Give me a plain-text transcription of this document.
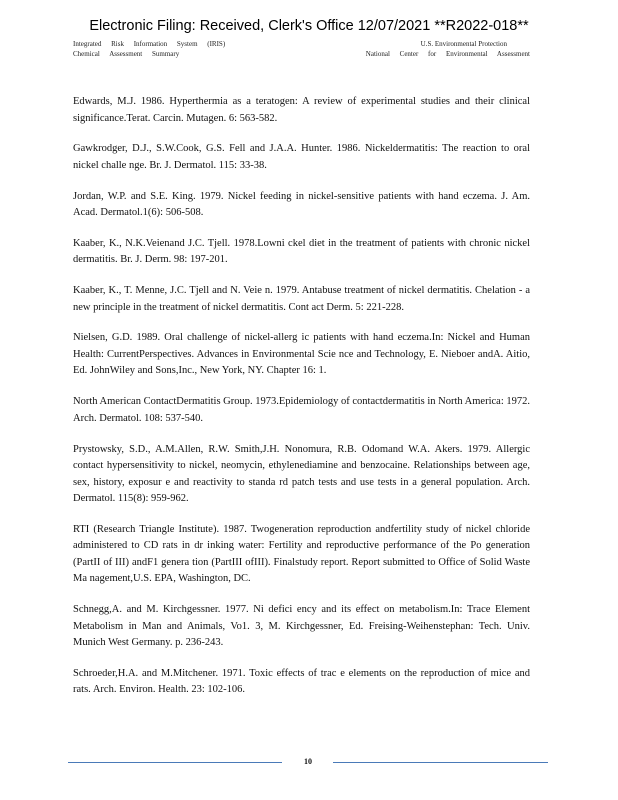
Electronic Filing: Received, Clerk's Office 12/07/2021 **R2022-018**
Integrated Risk Information System (IRIS)
Chemical Assessment Summary
U.S. Environmental Protection
National Center for Environmental Assessment
Edwards, M.J. 1986. Hyperthermia as a teratogen: A review of experimental studies and their clinical significance.Terat. Carcin. Mutagen. 6: 563-582.
Gawkrodger, D.J., S.W.Cook, G.S. Fell and J.A.A. Hunter. 1986. Nickeldermatitis: The reaction to oral nickel challe nge. Br. J. Dermatol. 115: 33-38.
Jordan, W.P. and S.E. King. 1979. Nickel feeding in nickel-sensitive patients with hand eczema. J. Am. Acad. Dermatol.1(6): 506-508.
Kaaber, K., N.K.Veienand J.C. Tjell. 1978.Lowni ckel diet in the treatment of patients with chronic nickel dermatitis. Br. J. Derm. 98: 197-201.
Kaaber, K., T. Menne, J.C. Tjell and N. Veie n. 1979. Antabuse treatment of nickel dermatitis. Chelation - a new principle in the treatment of nickel dermatitis. Cont act Derm. 5: 221-228.
Nielsen, G.D. 1989. Oral challenge of nickel-allerg ic patients with hand eczema.In: Nickel and Human Health: CurrentPerspectives. Advances in Environmental Scie nce and Technology, E. Nieboer andA. Aitio, Ed. JohnWiley and Sons,Inc., New York, NY. Chapter 16: 1.
North American ContactDermatitis Group. 1973.Epidemiology of contactdermatitis in North America: 1972. Arch. Dermatol. 108: 537-540.
Prystowsky, S.D., A.M.Allen, R.W. Smith,J.H. Nonomura, R.B. Odomand W.A. Akers. 1979. Allergic contact hypersensitivity to nickel, neomycin, ethylenediamine and benzocaine. Relationships between age, sex, history, exposur e and reactivity to standa rd patch tests and use tests in a general population. Arch. Dermatol. 115(8): 959-962.
RTI (Research Triangle Institute). 1987. Twogeneration reproduction andfertility study of nickel chloride administered to CD rats in dr inking water: Fertility and reproductive performance of the Po generation (PartII of III) andF1 genera tion (PartIII ofIII). Finalstudy report. Report submitted to Office of Solid Waste Ma nagement,U.S. EPA, Washington, DC.
Schnegg,A. and M. Kirchgessner. 1977. Ni defici ency and its effect on metabolism.In: Trace Element Metabolism in Man and Animals, Vo1. 3, M. Kirchgessner, Ed. Freising-Weihenstephan: Tech. Univ. Munich West Germany. p. 236-243.
Schroeder,H.A. and M.Mitchener. 1971. Toxic effects of trac e elements on the reproduction of mice and rats. Arch. Environ. Health. 23: 102-106.
10
